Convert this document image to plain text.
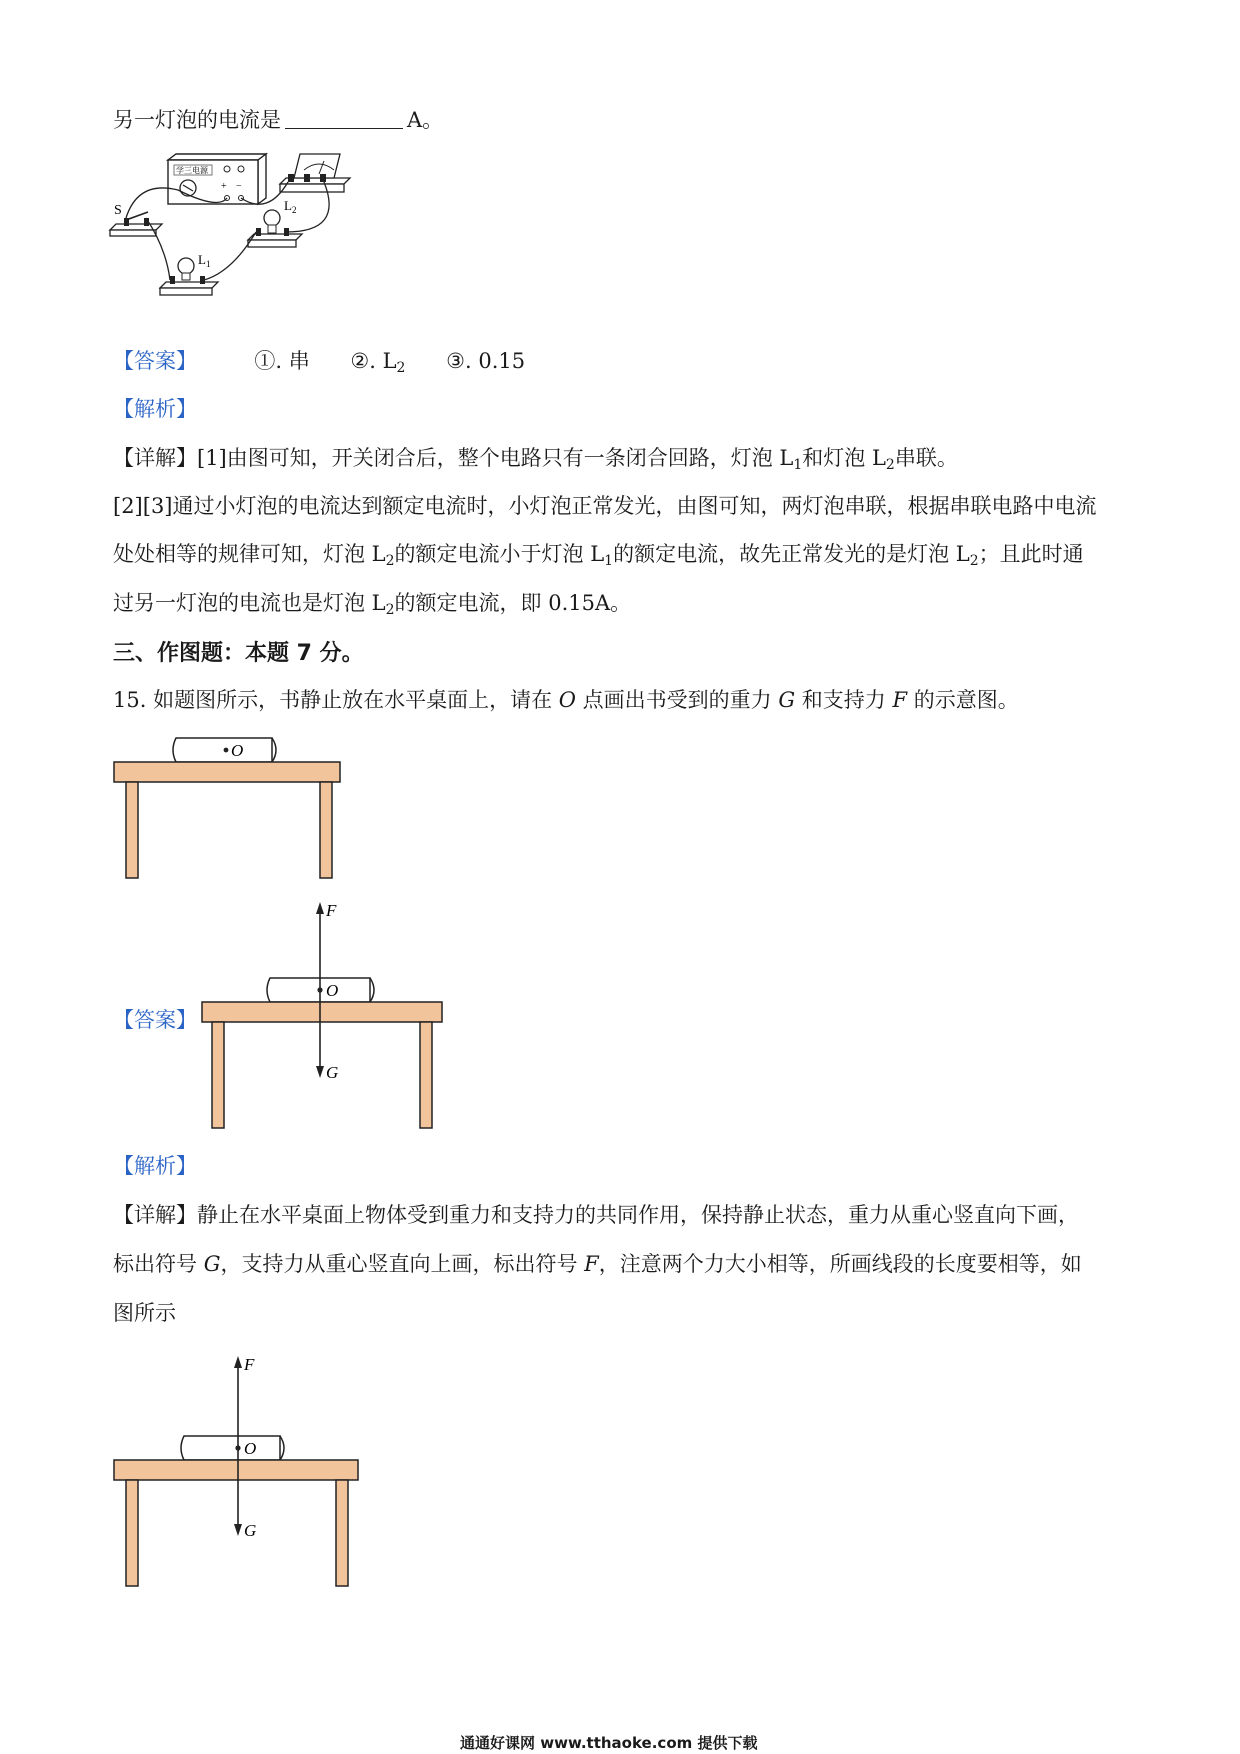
另一灯泡的电流是	A。
学三电源
+ −
S
$L_1$
$L_2$
【答案】	①. 串 ②. $L_2$ ③. 0.15
【解析】
【详解】[1]由图可知，开关闭合后，整个电路只有一条闭合回路，灯泡 $L_1$和灯泡 $L_2$串联。
[2][3]通过小灯泡的电流达到额定电流时，小灯泡正常发光，由图可知，两灯泡串联，根据串联电路中电流
处处相等的规律可知，灯泡 $L_2$的额定电流小于灯泡 $L_1$的额定电流，故先正常发光的是灯泡 $L_2$；且此时通
过另一灯泡的电流也是灯泡 $L_2$的额定电流，即 0.15A。
三、作图题：本题 7 分。
15. 如题图所示，书静止放在水平桌面上，请在 O 点画出书受到的重力 G 和支持力 F 的示意图。
O
【答案】
O
F
G
【解析】
【详解】静止在水平桌面上物体受到重力和支持力的共同作用，保持静止状态，重力从重心竖直向下画，
标出符号 G，支持力从重心竖直向上画，标出符号 F，注意两个力大小相等，所画线段的长度要相等，如
图所示
O
F
G
通通好课网 www.tthaoke.com 提供下载
